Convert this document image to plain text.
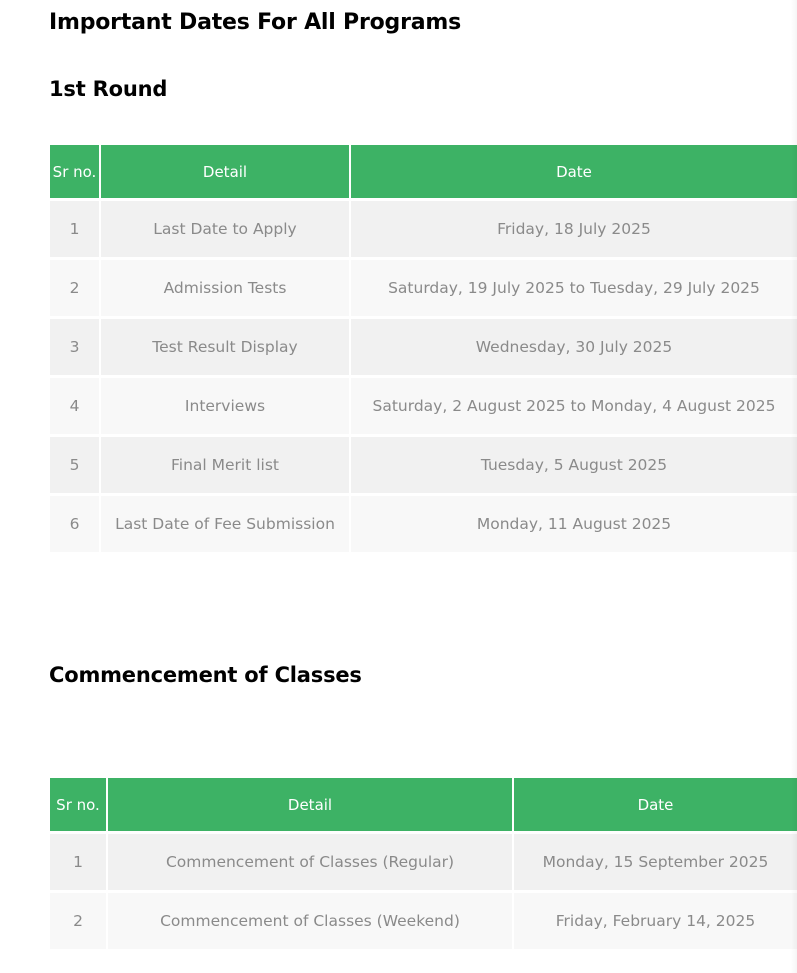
Important Dates For All Programs
1st Round
Sr no.	Detail	Date
1	Last Date to Apply	Friday, 18 July 2025
2	Admission Tests	Saturday, 19 July 2025 to Tuesday, 29 July 2025
3	Test Result Display	Wednesday, 30 July 2025
4	Interviews	Saturday, 2 August 2025 to Monday, 4 August 2025
5	Final Merit list	Tuesday, 5 August 2025
6	Last Date of Fee Submission	Monday, 11 August 2025
Commencement of Classes
Sr no.	Detail	Date
1	Commencement of Classes (Regular)	Monday, 15 September 2025
2	Commencement of Classes (Weekend)	Friday, February 14, 2025
